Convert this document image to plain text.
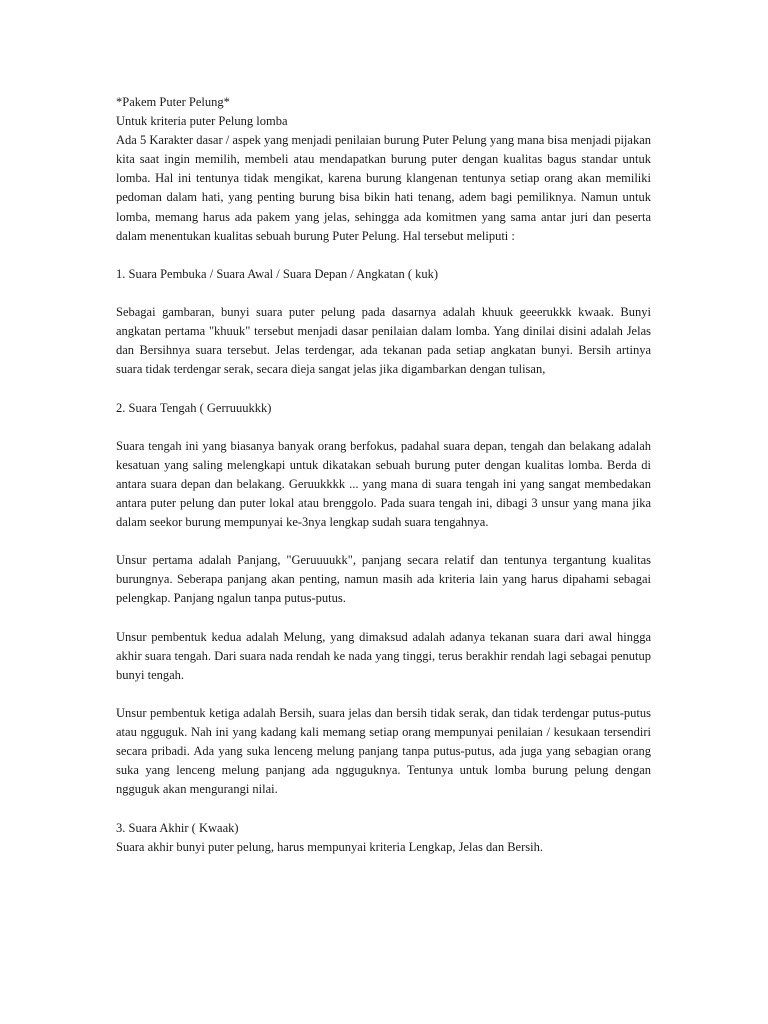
*Pakem Puter Pelung*

Untuk kriteria puter Pelung lomba

Ada 5 Karakter dasar / aspek yang menjadi penilaian burung Puter Pelung yang mana bisa menjadi pijakan kita saat ingin memilih, membeli atau mendapatkan burung puter dengan kualitas bagus standar untuk lomba. Hal ini tentunya tidak mengikat, karena burung klangenan tentunya setiap orang akan memiliki pedoman dalam hati, yang penting burung bisa bikin hati tenang, adem bagi pemiliknya. Namun untuk lomba, memang harus ada pakem yang jelas, sehingga ada komitmen yang sama antar juri dan peserta dalam menentukan kualitas sebuah burung Puter Pelung. Hal tersebut meliputi :

1. Suara Pembuka / Suara Awal / Suara Depan / Angkatan ( kuk)

Sebagai gambaran, bunyi suara puter pelung pada dasarnya adalah khuuk geeerukkk kwaak. Bunyi angkatan pertama "khuuk" tersebut menjadi dasar penilaian dalam lomba. Yang dinilai disini adalah Jelas dan Bersihnya suara tersebut. Jelas terdengar, ada tekanan pada setiap angkatan bunyi. Bersih artinya suara tidak terdengar serak, secara dieja sangat jelas jika digambarkan dengan tulisan,

2. Suara Tengah ( Gerruuukkk)

Suara tengah ini yang biasanya banyak orang berfokus, padahal suara depan, tengah dan belakang adalah kesatuan yang saling melengkapi untuk dikatakan sebuah burung puter dengan kualitas lomba. Berda di antara suara depan dan belakang. Geruukkkk ... yang mana di suara tengah ini yang sangat membedakan antara puter pelung dan puter lokal atau brenggolo. Pada suara tengah ini, dibagi 3 unsur yang mana jika dalam seekor burung mempunyai ke-3nya lengkap sudah suara tengahnya.

Unsur pertama adalah Panjang, "Geruuuukk", panjang secara relatif dan tentunya tergantung kualitas burungnya. Seberapa panjang akan penting, namun masih ada kriteria lain yang harus dipahami sebagai pelengkap. Panjang ngalun tanpa putus-putus.

Unsur pembentuk kedua adalah Melung, yang dimaksud adalah adanya tekanan suara dari awal hingga akhir suara tengah. Dari suara nada rendah ke nada yang tinggi, terus berakhir rendah lagi sebagai penutup bunyi tengah.

Unsur pembentuk ketiga adalah Bersih, suara jelas dan bersih tidak serak, dan tidak terdengar putus-putus atau ngguguk. Nah ini yang kadang kali memang setiap orang mempunyai penilaian / kesukaan tersendiri secara pribadi. Ada yang suka lenceng melung panjang tanpa putus-putus, ada juga yang sebagian orang suka yang lenceng melung panjang ada ngguguknya. Tentunya untuk lomba burung pelung dengan ngguguk akan mengurangi nilai.

3. Suara Akhir ( Kwaak)

Suara akhir bunyi puter pelung, harus mempunyai kriteria Lengkap, Jelas dan Bersih.
